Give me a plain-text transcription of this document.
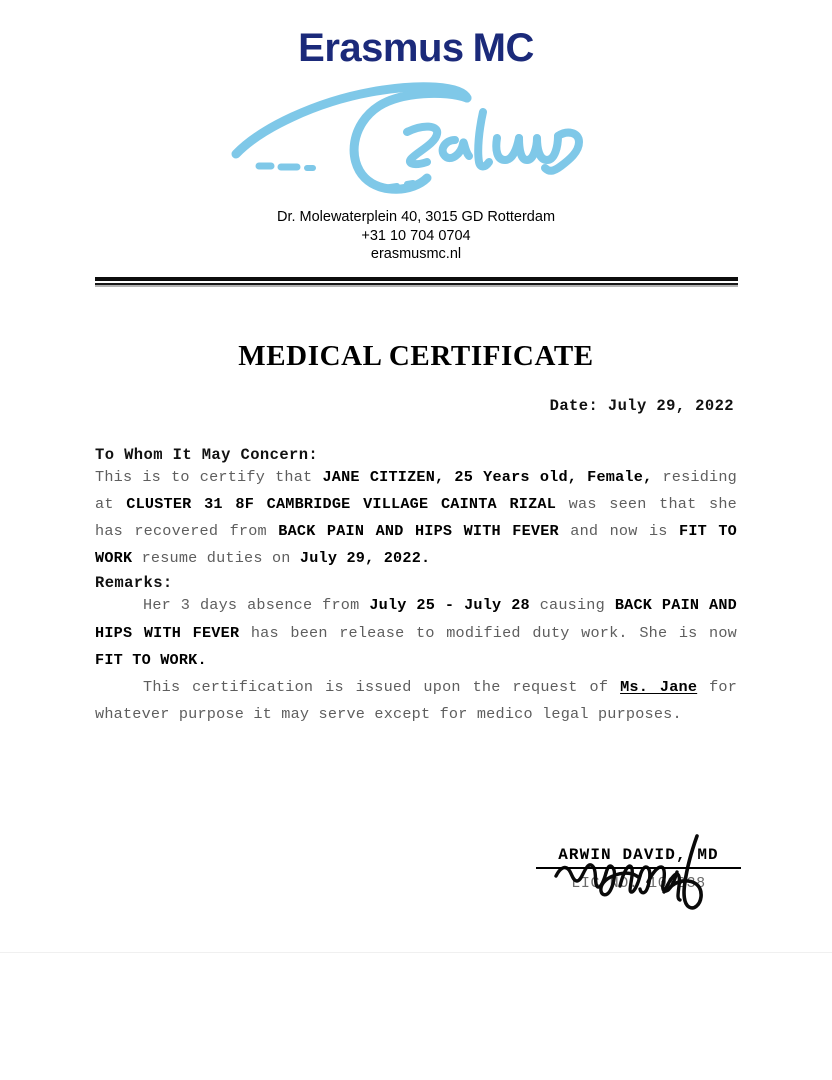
Erasmus MC
Dr. Molewaterplein 40, 3015 GD Rotterdam
+31 10 704 0704
erasmusmc.nl
MEDICAL CERTIFICATE
Date: July 29, 2022
To Whom It May Concern:

This is to certify that JANE CITIZEN, 25 Years old, Female, residing at CLUSTER 31 8F CAMBRIDGE VILLAGE CAINTA RIZAL was seen that she has recovered from BACK PAIN AND HIPS WITH FEVER and now is FIT TO WORK resume duties on July 29, 2022.

Remarks:

Her 3 days absence from July 25 - July 28 causing BACK PAIN AND HIPS WITH FEVER has been release to modified duty work. She is now FIT TO WORK.

This certification is issued upon the request of Ms. Jane for whatever purpose it may serve except for medico legal purposes.

ARWIN DAVID, MD
LIC NO. 100238
